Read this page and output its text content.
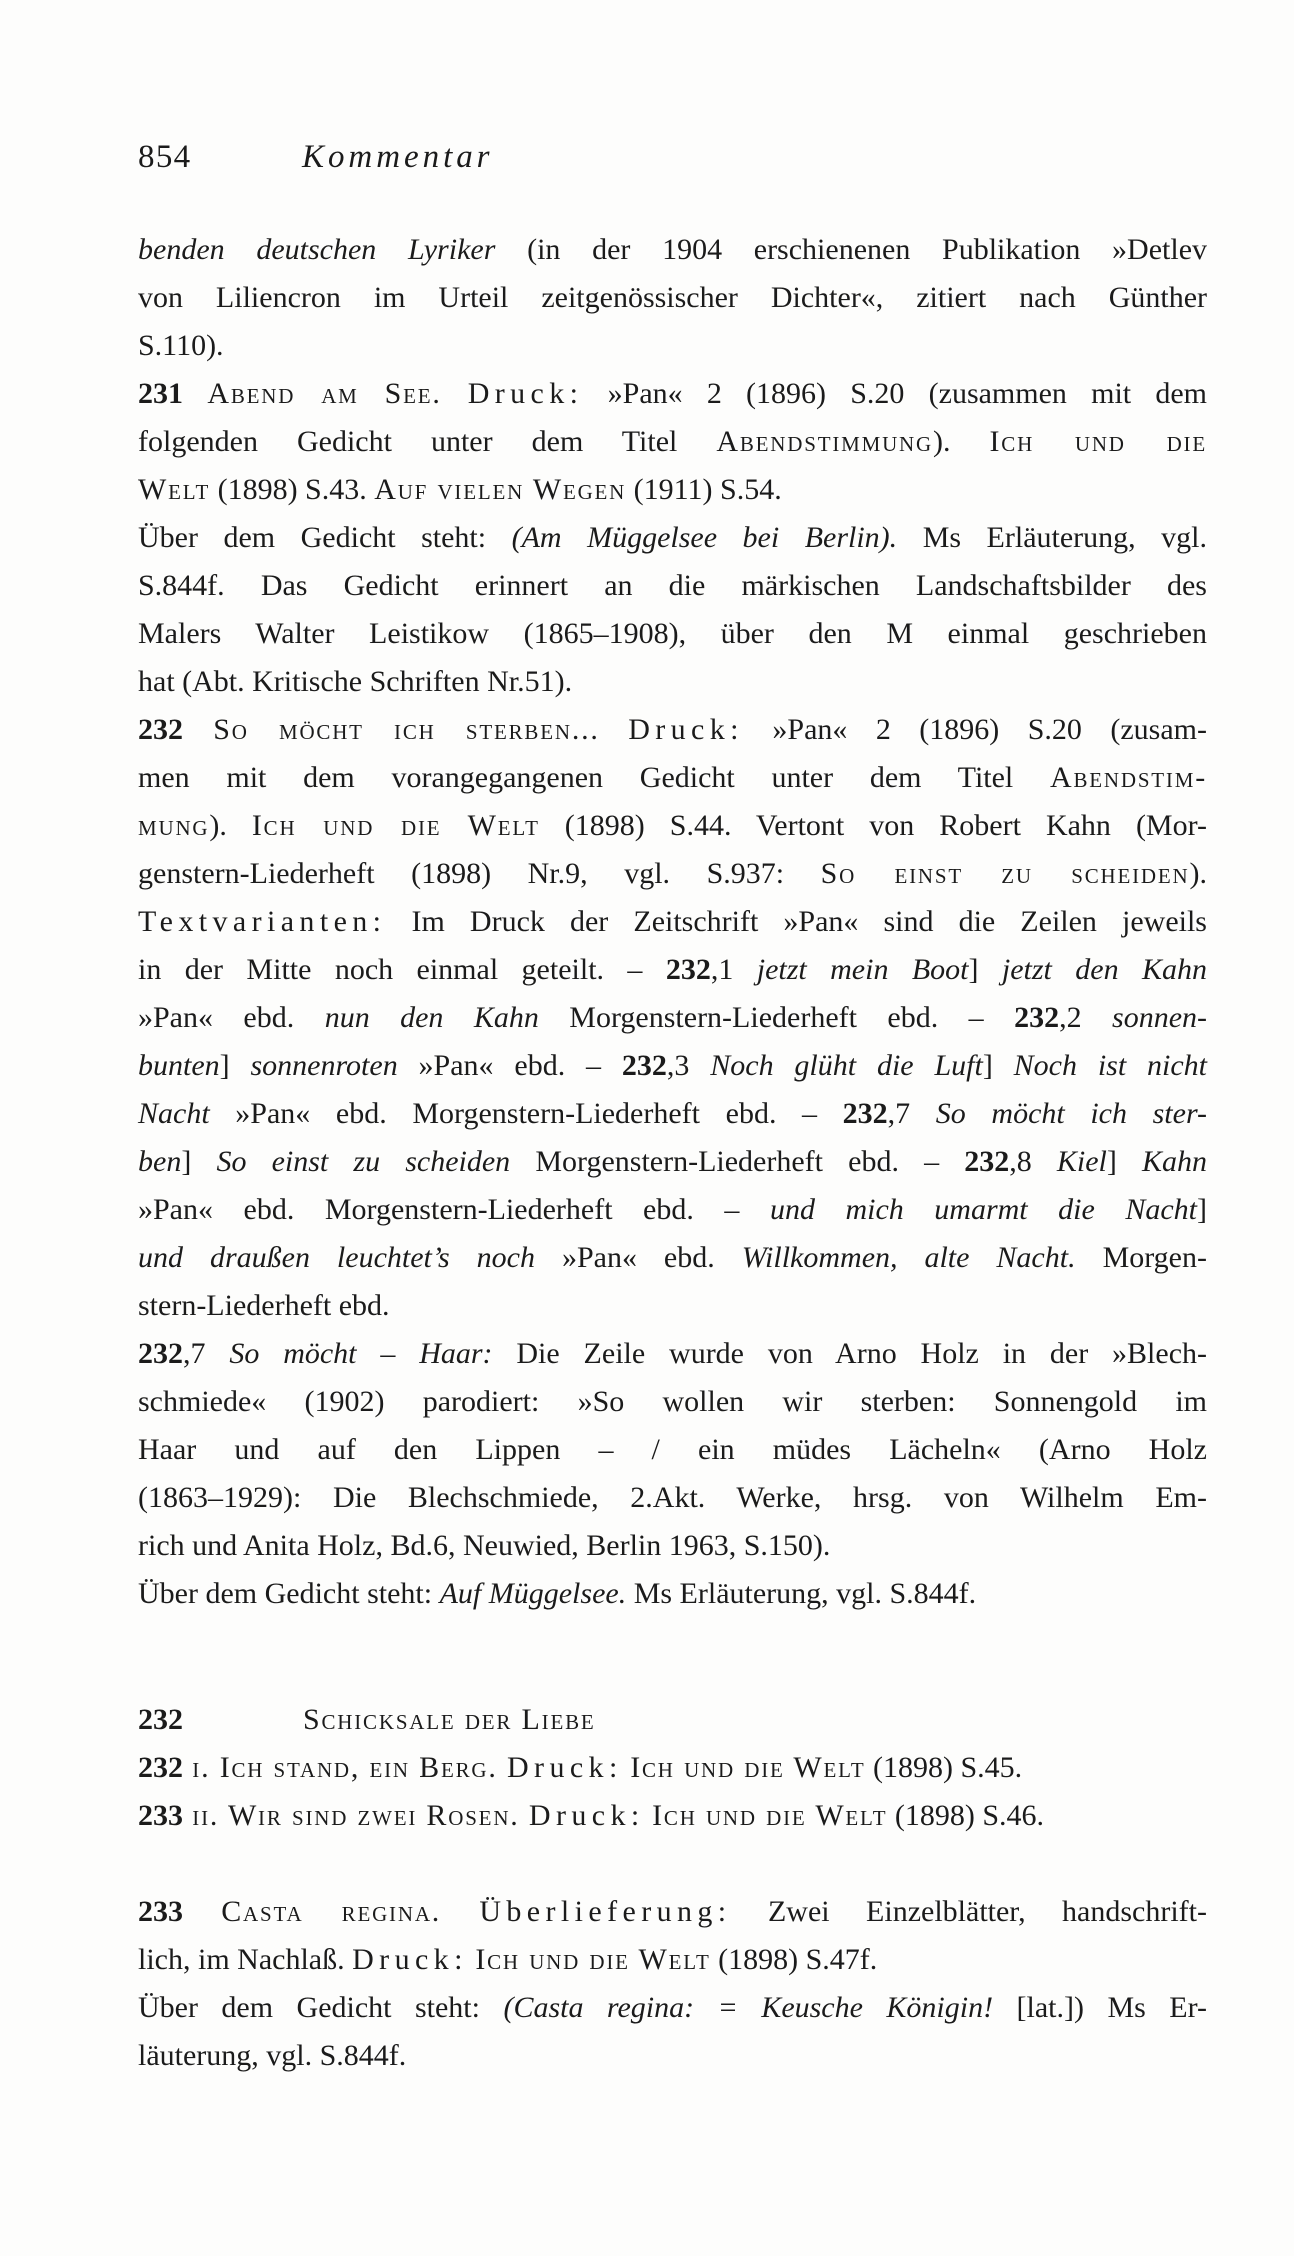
854	Kommentar
benden deutschen Lyriker (in der 1904 erschienenen Publikation »Detlev
von Liliencron im Urteil zeitgenössischer Dichter«, zitiert nach Günther
S.110).
231 Abend am See. Druck: »Pan« 2 (1896) S.20 (zusammen mit dem
folgenden Gedicht unter dem Titel Abendstimmung). Ich und die
Welt (1898) S.43. Auf vielen Wegen (1911) S.54.
Über dem Gedicht steht: (Am Müggelsee bei Berlin). Ms Erläuterung, vgl.
S.844f. Das Gedicht erinnert an die märkischen Landschaftsbilder des
Malers Walter Leistikow (1865–1908), über den M einmal geschrieben
hat (Abt. Kritische Schriften Nr.51).
232 So möcht ich sterben... Druck: »Pan« 2 (1896) S.20 (zusam-
men mit dem vorangegangenen Gedicht unter dem Titel Abendstim-
mung). Ich und die Welt (1898) S.44. Vertont von Robert Kahn (Mor-
genstern-Liederheft (1898) Nr.9, vgl. S.937: So einst zu scheiden).
Textvarianten: Im Druck der Zeitschrift »Pan« sind die Zeilen jeweils
in der Mitte noch einmal geteilt. – 232,1 jetzt mein Boot] jetzt den Kahn
»Pan« ebd. nun den Kahn Morgenstern-Liederheft ebd. – 232,2 sonnen-
bunten] sonnenroten »Pan« ebd. – 232,3 Noch glüht die Luft] Noch ist nicht
Nacht »Pan« ebd. Morgenstern-Liederheft ebd. – 232,7 So möcht ich ster-
ben] So einst zu scheiden Morgenstern-Liederheft ebd. – 232,8 Kiel] Kahn
»Pan« ebd. Morgenstern-Liederheft ebd. – und mich umarmt die Nacht]
und draußen leuchtet’s noch »Pan« ebd. Willkommen, alte Nacht. Morgen-
stern-Liederheft ebd.
232,7 So möcht – Haar: Die Zeile wurde von Arno Holz in der »Blech-
schmiede« (1902) parodiert: »So wollen wir sterben: Sonnengold im
Haar und auf den Lippen – / ein müdes Lächeln« (Arno Holz
(1863–1929): Die Blechschmiede, 2.Akt. Werke, hrsg. von Wilhelm Em-
rich und Anita Holz, Bd.6, Neuwied, Berlin 1963, S.150).
Über dem Gedicht steht: Auf Müggelsee. Ms Erläuterung, vgl. S.844f.
232	Schicksale der Liebe
232 i. Ich stand, ein Berg. Druck: Ich und die Welt (1898) S.45.
233 ii. Wir sind zwei Rosen. Druck: Ich und die Welt (1898) S.46.
233 Casta regina. Überlieferung: Zwei Einzelblätter, handschrift-
lich, im Nachlaß. Druck: Ich und die Welt (1898) S.47f.
Über dem Gedicht steht: (Casta regina: = Keusche Königin! [lat.]) Ms Er-
läuterung, vgl. S.844f.
